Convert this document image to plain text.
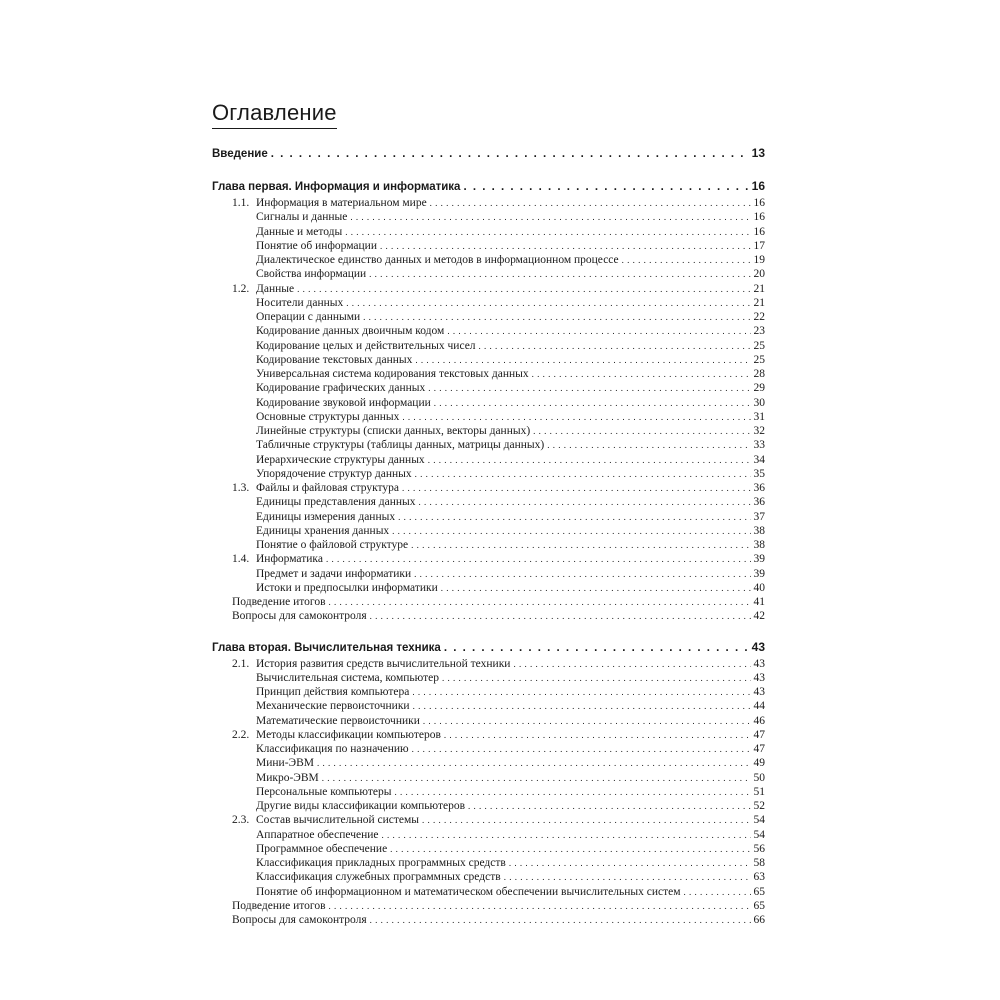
Оглавление
Введение . . .	13
Глава первая. Информация и информатика . . .	16
1.1. Информация в материальном мире . . .	16
Сигналы и данные . . .	16
Данные и методы . . .	16
Понятие об информации . . .	17
Диалектическое единство данных и методов в информационном процессе . . .	19
Свойства информации . . .	20
1.2. Данные . . .	21
Носители данных . . .	21
Операции с данными . . .	22
Кодирование данных двоичным кодом . . .	23
Кодирование целых и действительных чисел . . .	25
Кодирование текстовых данных . . .	25
Универсальная система кодирования текстовых данных . . .	28
Кодирование графических данных . . .	29
Кодирование звуковой информации . . .	30
Основные структуры данных . . .	31
Линейные структуры (списки данных, векторы данных) . . .	32
Табличные структуры (таблицы данных, матрицы данных) . . .	33
Иерархические структуры данных . . .	34
Упорядочение структур данных . . .	35
1.3. Файлы и файловая структура . . .	36
Единицы представления данных . . .	36
Единицы измерения данных . . .	37
Единицы хранения данных . . .	38
Понятие о файловой структуре . . .	38
1.4. Информатика . . .	39
Предмет и задачи информатики . . .	39
Истоки и предпосылки информатики . . .	40
Подведение итогов . . .	41
Вопросы для самоконтроля . . .	42
Глава вторая. Вычислительная техника . . .	43
2.1. История развития средств вычислительной техники . . .	43
Вычислительная система, компьютер . . .	43
Принцип действия компьютера . . .	43
Механические первоисточники . . .	44
Математические первоисточники . . .	46
2.2. Методы классификации компьютеров . . .	47
Классификация по назначению . . .	47
Мини-ЭВМ . . .	49
Микро-ЭВМ . . .	50
Персональные компьютеры . . .	51
Другие виды классификации компьютеров . . .	52
2.3. Состав вычислительной системы . . .	54
Аппаратное обеспечение . . .	54
Программное обеспечение . . .	56
Классификация прикладных программных средств . . .	58
Классификация служебных программных средств . . .	63
Понятие об информационном и математическом обеспечении вычислительных систем . . .	65
Подведение итогов . . .	65
Вопросы для самоконтроля . . .	66
